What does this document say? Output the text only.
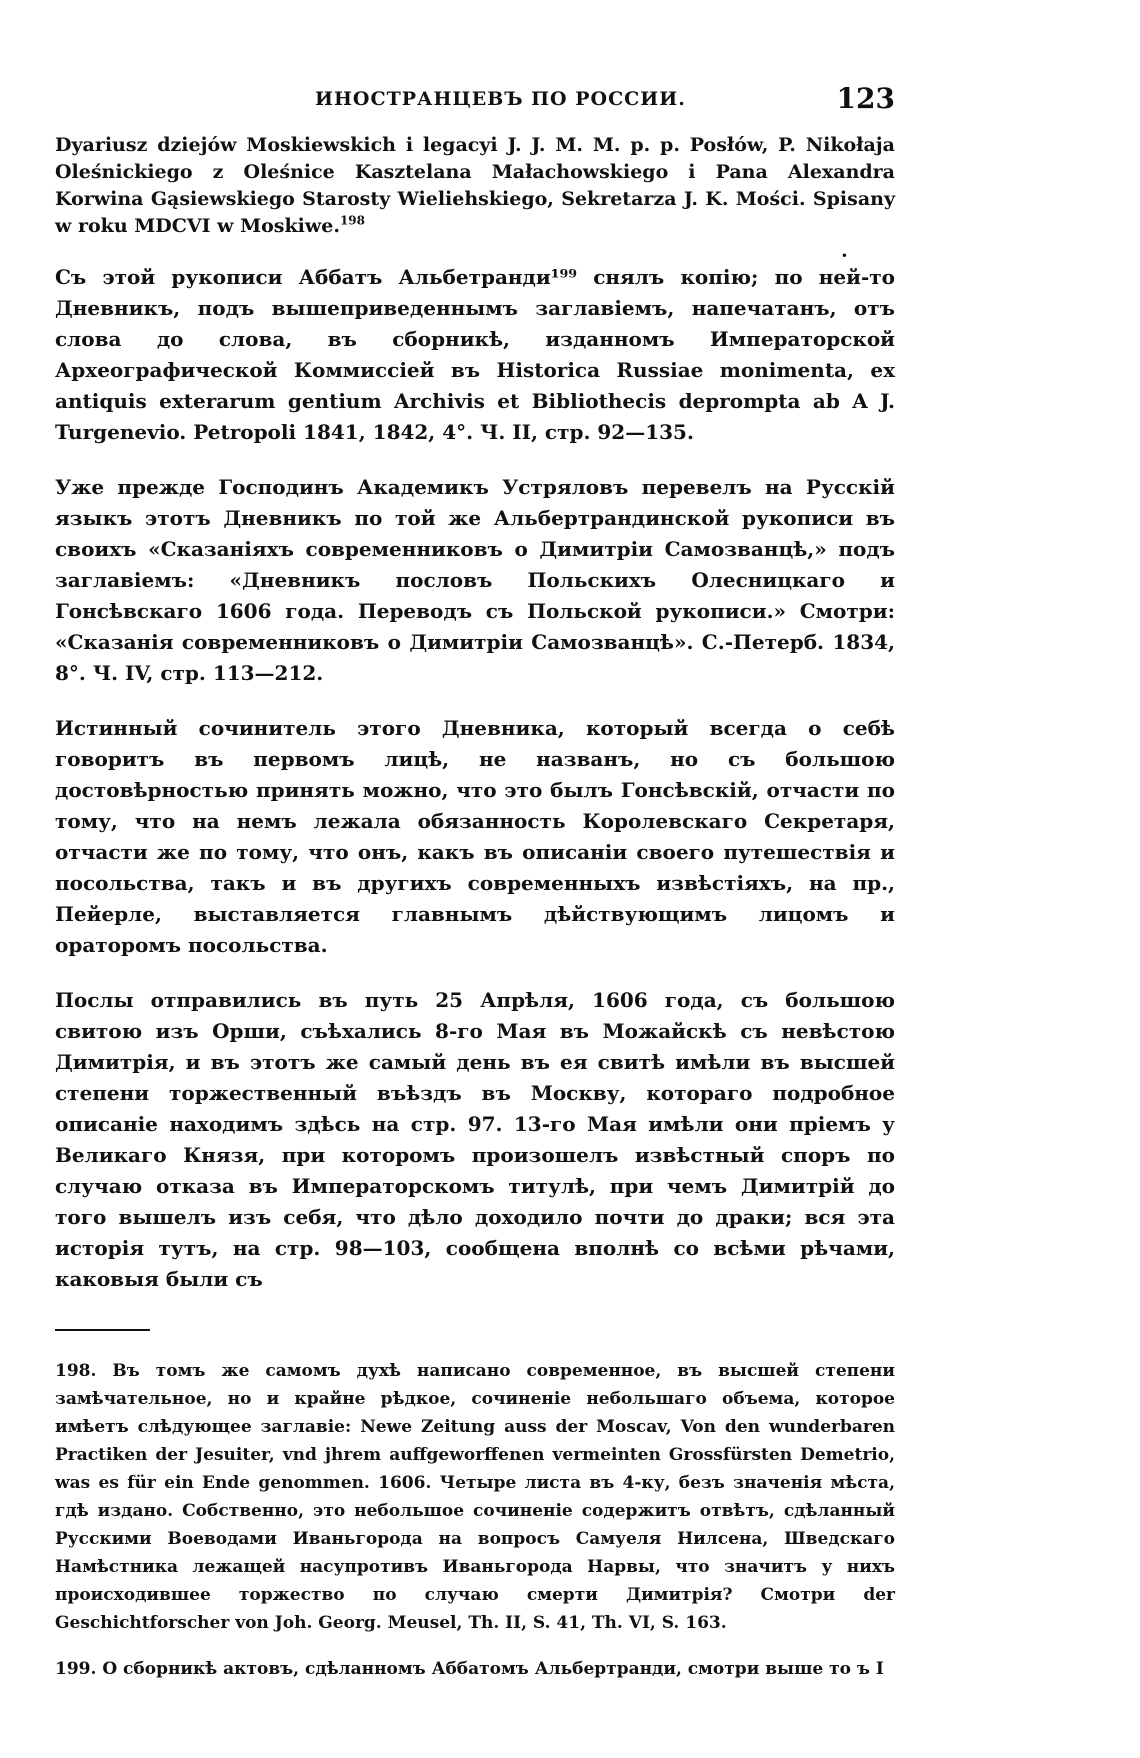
ИНОСТРАНЦЕВЪ ПО РОССИИ.	123
Dyariusz dziejów Moskiewskich i legacyi J. J. M. M. p. p. Posłów, P. Nikołaja Oleśnickiego z Oleśnice Kasztelana Małachowskiego i Pana Alexandra Korwina Gąsiewskiego Starosty Wieliehskiego, Sekretarza J. K. Mości. Spisany w roku MDCVI w Moskiwe.$^{198}$
•

Съ этой рукописи Аббатъ Альбетранди¹⁹⁹ снялъ копію; по ней-то Дневникъ, подъ вышеприведеннымъ заглавіемъ, напечатанъ, отъ слова до слова, въ сборникѣ, изданномъ Императорской Археографической Коммиссіей въ Historica Russiae monimenta, ex antiquis exterarum gentium Archivis et Bibliothecis deprompta ab A J. Turgenevio. Petropoli 1841, 1842, 4°. Ч. II, стр. 92—135.

Уже прежде Господинъ Академикъ Устряловъ перевелъ на Русскій языкъ этотъ Дневникъ по той же Альбертрандинской рукописи въ своихъ «Сказаніяхъ современниковъ о Димитріи Самозванцѣ,» подъ заглавіемъ: «Дневникъ пословъ Польскихъ Олесницкаго и Гонсѣвскаго 1606 года. Переводъ съ Польской рукописи.» Смотри: «Сказанія современниковъ о Димитріи Самозванцѣ». С.-Петерб. 1834, 8°. Ч. IV, стр. 113—212.

Истинный сочинитель этого Дневника, который всегда о себѣ говоритъ въ первомъ лицѣ, не названъ, но съ большою достовѣрностью принять можно, что это былъ Гонсѣвскій, отчасти по тому, что на немъ лежала обязанность Королевскаго Секретаря, отчасти же по тому, что онъ, какъ въ описаніи своего путешествія и посольства, такъ и въ другихъ современныхъ извѣстіяхъ, на пр., Пейерле, выставляется главнымъ дѣйствующимъ лицомъ и ораторомъ посольства.

Послы отправились въ путь 25 Апрѣля, 1606 года, съ большою свитою изъ Орши, съѣхались 8-го Мая въ Можайскѣ съ невѣстою Димитрія, и въ этотъ же самый день въ ея свитѣ имѣли въ высшей степени торжественный въѣздъ въ Москву, котораго подробное описаніе находимъ здѣсь на стр. 97. 13-го Мая имѣли они пріемъ у Великаго Князя, при которомъ произошелъ извѣстный споръ по случаю отказа въ Императорскомъ титулѣ, при чемъ Димитрій до того вышелъ изъ себя, что дѣло доходило почти до драки; вся эта исторія тутъ, на стр. 98—103, сообщена вполнѣ со всѣми рѣчами, каковыя были съ

198. Въ томъ же самомъ духѣ написано современное, въ высшей степени замѣчательное, но и крайне рѣдкое, сочиненіе небольшаго объема, которое имѣетъ слѣдующее заглавіе: Newe Zeitung auss der Moscav, Von den wunderbaren Practiken der Jesuiter, vnd jhrem auffgeworffenen vermeinten Grossfürsten Demetrio, was es für ein Ende genommen. 1606. Четыре листа въ 4-ку, безъ значенія мѣста, гдѣ издано. Собственно, это небольшое сочиненіе содержитъ отвѣтъ, сдѣланный Русскими Воеводами Иваньгорода на вопросъ Самуеля Нилсена, Шведскаго Намѣстника лежащей насупротивъ Иваньгорода Нарвы, что значитъ у нихъ происходившее торжество по случаю смерти Димитрія? Смотри der Geschichtforscher von Joh. Georg. Meusel, Th. II, S. 41, Th. VI, S. 163.

199. О сборникѣ актовъ, сдѣланномъ Аббатомъ Альбертранди, смотри выше то ъ I
